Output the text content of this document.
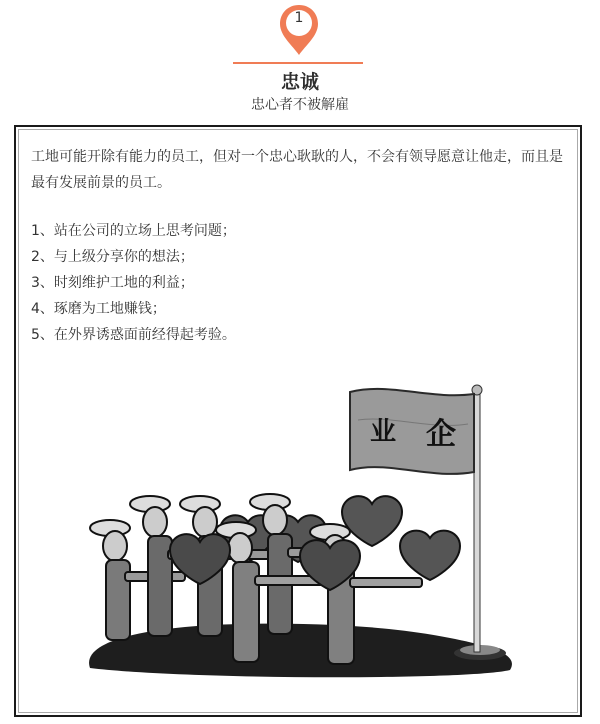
1
忠诚
忠心者不被解雇

工地可能开除有能力的员工，但对一个忠心耿耿的人，不会有领导愿意让他走，而且是最有发展前景的员工。

1、站在公司的立场上思考问题；
2、与上级分享你的想法；
3、时刻维护工地的利益；
4、琢磨为工地赚钱；
5、在外界诱惑面前经得起考验。
业 企
